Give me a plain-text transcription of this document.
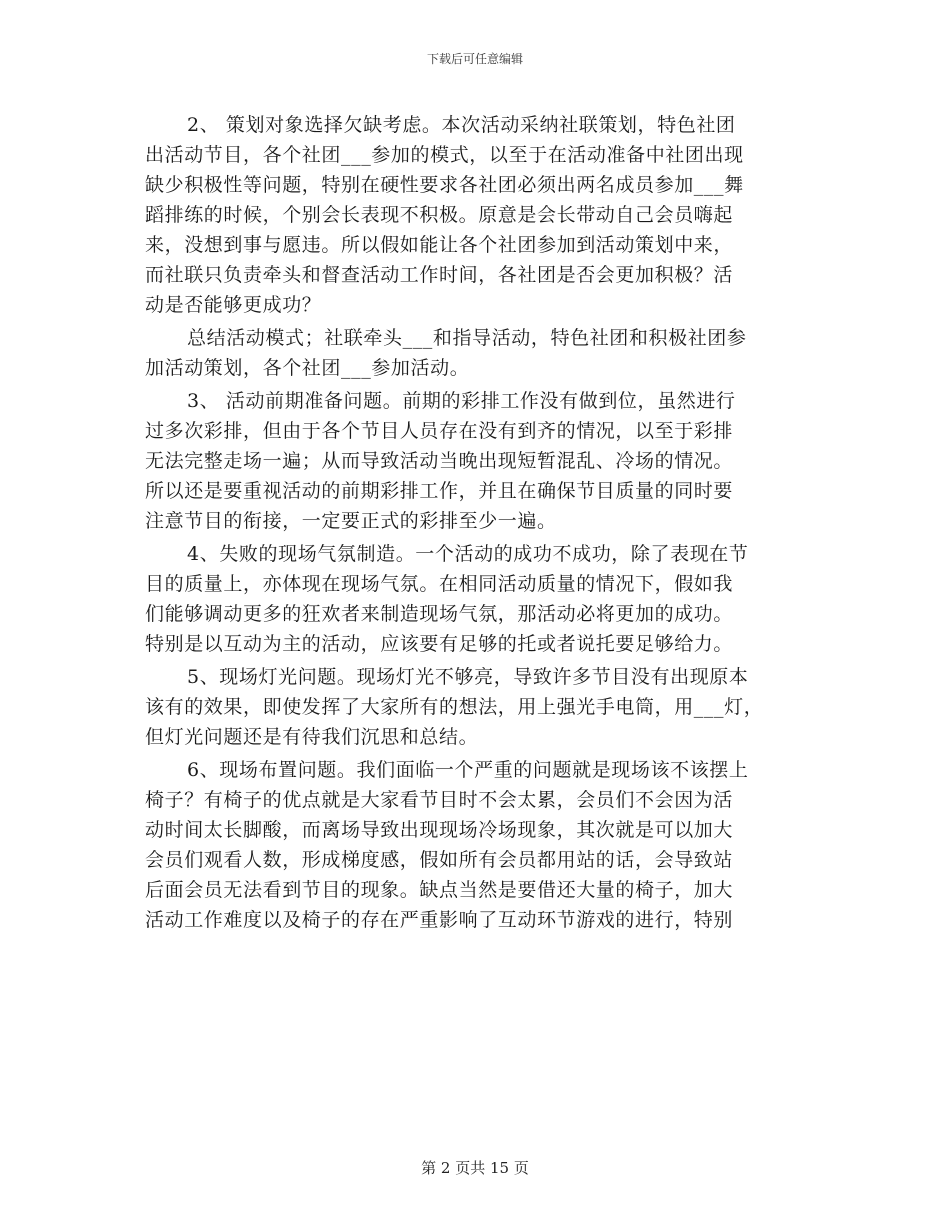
下载后可任意编辑
2、 策划对象选择欠缺考虑。本次活动采纳社联策划，特色社团
出活动节目，各个社团___参加的模式，以至于在活动准备中社团出现
缺少积极性等问题，特别在硬性要求各社团必须出两名成员参加___舞
蹈排练的时候，个别会长表现不积极。原意是会长带动自己会员嗨起
来，没想到事与愿违。所以假如能让各个社团参加到活动策划中来，
而社联只负责牵头和督查活动工作时间，各社团是否会更加积极？活
动是否能够更成功？
总结活动模式；社联牵头___和指导活动，特色社团和积极社团参
加活动策划，各个社团___参加活动。
3、 活动前期准备问题。前期的彩排工作没有做到位，虽然进行
过多次彩排，但由于各个节目人员存在没有到齐的情况，以至于彩排
无法完整走场一遍；从而导致活动当晚出现短暂混乱、冷场的情况。
所以还是要重视活动的前期彩排工作，并且在确保节目质量的同时要
注意节目的衔接，一定要正式的彩排至少一遍。
4、失败的现场气氛制造。一个活动的成功不成功，除了表现在节
目的质量上，亦体现在现场气氛。在相同活动质量的情况下，假如我
们能够调动更多的狂欢者来制造现场气氛，那活动必将更加的成功。
特别是以互动为主的活动，应该要有足够的托或者说托要足够给力。
5、现场灯光问题。现场灯光不够亮，导致许多节目没有出现原本
该有的效果，即使发挥了大家所有的想法，用上强光手电筒，用___灯，
但灯光问题还是有待我们沉思和总结。
6、现场布置问题。我们面临一个严重的问题就是现场该不该摆上
椅子？有椅子的优点就是大家看节目时不会太累，会员们不会因为活
动时间太长脚酸，而离场导致出现现场冷场现象，其次就是可以加大
会员们观看人数，形成梯度感，假如所有会员都用站的话，会导致站
后面会员无法看到节目的现象。缺点当然是要借还大量的椅子，加大
活动工作难度以及椅子的存在严重影响了互动环节游戏的进行，特别
第 2 页共 15 页
